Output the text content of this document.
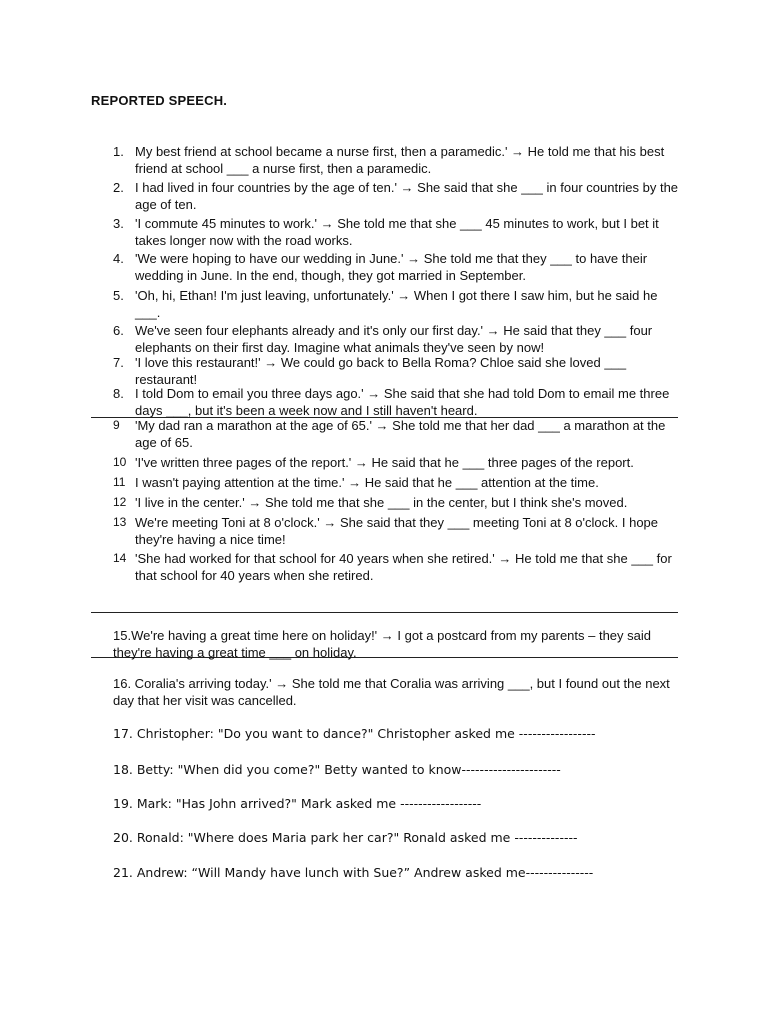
REPORTED SPEECH.
1. My best friend at school became a nurse first, then a paramedic.' → He told me that his best friend at school ___ a nurse first, then a paramedic.
2. I had lived in four countries by the age of ten.' → She said that she ___ in four countries by the age of ten.
3. 'I commute 45 minutes to work.' → She told me that she ___ 45 minutes to work, but I bet it takes longer now with the road works.
4. 'We were hoping to have our wedding in June.' → She told me that they ___ to have their wedding in June. In the end, though, they got married in September.
5. 'Oh, hi, Ethan! I'm just leaving, unfortunately.' → When I got there I saw him, but he said he ___.
6. We've seen four elephants already and it's only our first day.' → He said that they ___ four elephants on their first day. Imagine what animals they've seen by now!
7. 'I love this restaurant!' → We could go back to Bella Roma? Chloe said she loved ___ restaurant!
8. I told Dom to email you three days ago.' → She said that she had told Dom to email me three days ___, but it's been a week now and I still haven't heard.
9	'My dad ran a marathon at the age of 65.' → She told me that her dad ___ a marathon at the age of 65.
10 'I've written three pages of the report.' → He said that he ___ three pages of the report.
11 I wasn't paying attention at the time.' → He said that he ___ attention at the time.
12 'I live in the center.' → She told me that she ___ in the center, but I think she's moved.
13 We're meeting Toni at 8 o'clock.' → She said that they ___ meeting Toni at 8 o'clock. I hope they're having a nice time!
14 'She had worked for that school for 40 years when she retired.' → He told me that she ___ for that school for 40 years when she retired.
15.We're having a great time here on holiday!' → I got a postcard from my parents – they said they're having a great time ___ on holiday.
16. Coralia's arriving today.' → She told me that Coralia was arriving ___, but I found out the next day that her visit was cancelled.
17. Christopher: "Do you want to dance?" Christopher asked me -----------------
18. Betty: "When did you come?" Betty wanted to know----------------------
19. Mark: "Has John arrived?" Mark asked me ------------------
20. Ronald: "Where does Maria park her car?" Ronald asked me --------------
21. Andrew: “Will Mandy have lunch with Sue?” Andrew asked me---------------
